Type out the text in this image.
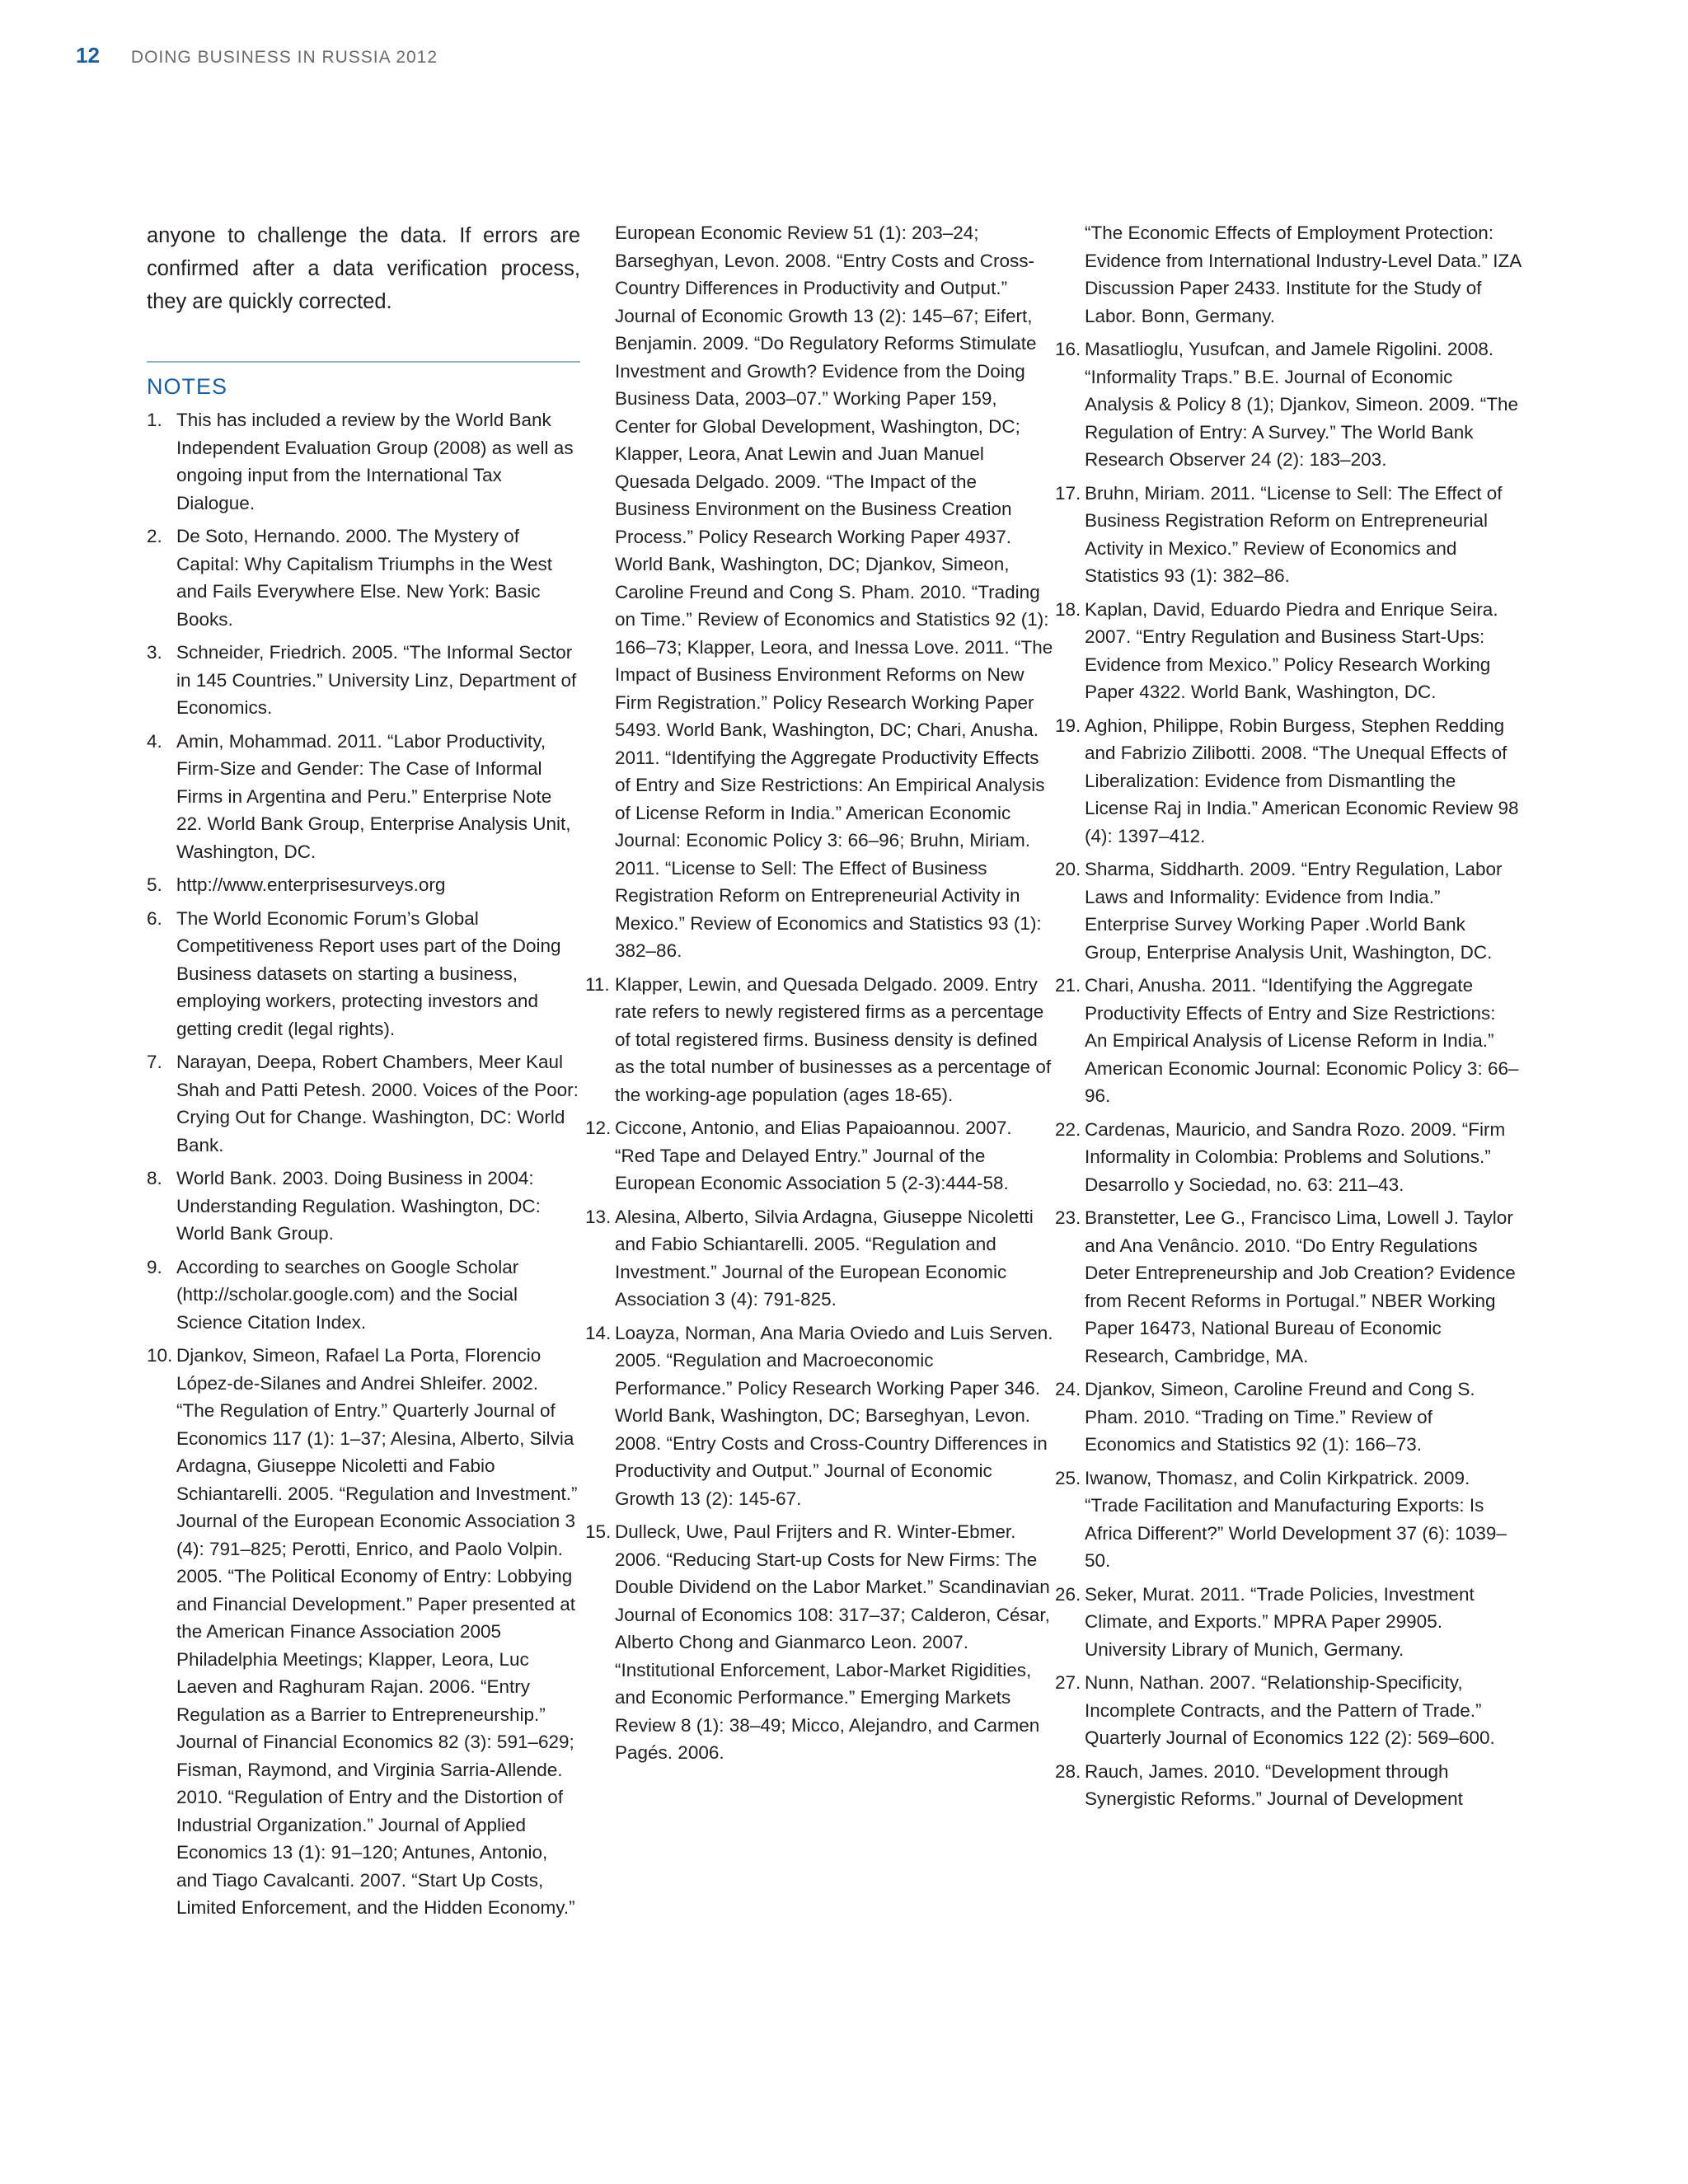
12 DOING BUSINESS IN RUSSIA 2012

anyone to challenge the data. If errors are confirmed after a data verification process, they are quickly corrected.

NOTES
1. This has included a review by the World Bank Independent Evaluation Group (2008) as well as ongoing input from the International Tax Dialogue.
2. De Soto, Hernando. 2000. The Mystery of Capital: Why Capitalism Triumphs in the West and Fails Everywhere Else. New York: Basic Books.
3. Schneider, Friedrich. 2005. “The Informal Sector in 145 Countries.” University Linz, Department of Economics.
4. Amin, Mohammad. 2011. “Labor Productivity, Firm-Size and Gender: The Case of Informal Firms in Argentina and Peru.” Enterprise Note 22. World Bank Group, Enterprise Analysis Unit, Washington, DC.
5. http://www.enterprisesurveys.org
6. The World Economic Forum’s Global Competitiveness Report uses part of the Doing Business datasets on starting a business, employing workers, protecting investors and getting credit (legal rights).
7. Narayan, Deepa, Robert Chambers, Meer Kaul Shah and Patti Petesh. 2000. Voices of the Poor: Crying Out for Change. Washington, DC: World Bank.
8. World Bank. 2003. Doing Business in 2004: Understanding Regulation. Washington, DC: World Bank Group.
9. According to searches on Google Scholar (http://scholar.google.com) and the Social Science Citation Index.
10. Djankov, Simeon, Rafael La Porta, Florencio López-de-Silanes and Andrei Shleifer. 2002. “The Regulation of Entry.” Quarterly Journal of Economics 117 (1): 1–37; Alesina, Alberto, Silvia Ardagna, Giuseppe Nicoletti and Fabio Schiantarelli. 2005. “Regulation and Investment.” Journal of the European Economic Association 3 (4): 791–825; Perotti, Enrico, and Paolo Volpin. 2005. “The Political Economy of Entry: Lobbying and Financial Development.” Paper presented at the American Finance Association 2005 Philadelphia Meetings; Klapper, Leora, Luc Laeven and Raghuram Rajan. 2006. “Entry Regulation as a Barrier to Entrepreneurship.” Journal of Financial Economics 82 (3): 591–629; Fisman, Raymond, and Virginia Sarria-Allende. 2010. “Regulation of Entry and the Distortion of Industrial Organization.” Journal of Applied Economics 13 (1): 91–120; Antunes, Antonio, and Tiago Cavalcanti. 2007. “Start Up Costs, Limited Enforcement, and the Hidden Economy.”
European Economic Review 51 (1): 203–24; Barseghyan, Levon. 2008. “Entry Costs and Cross-Country Differences in Productivity and Output.” Journal of Economic Growth 13 (2): 145–67; Eifert, Benjamin. 2009. “Do Regulatory Reforms Stimulate Investment and Growth? Evidence from the Doing Business Data, 2003–07.” Working Paper 159, Center for Global Development, Washington, DC; Klapper, Leora, Anat Lewin and Juan Manuel Quesada Delgado. 2009. “The Impact of the Business Environment on the Business Creation Process.” Policy Research Working Paper 4937. World Bank, Washington, DC; Djankov, Simeon, Caroline Freund and Cong S. Pham. 2010. “Trading on Time.” Review of Economics and Statistics 92 (1): 166–73; Klapper, Leora, and Inessa Love. 2011. “The Impact of Business Environment Reforms on New Firm Registration.” Policy Research Working Paper 5493. World Bank, Washington, DC; Chari, Anusha. 2011. “Identifying the Aggregate Productivity Effects of Entry and Size Restrictions: An Empirical Analysis of License Reform in India.” American Economic Journal: Economic Policy 3: 66–96; Bruhn, Miriam. 2011. “License to Sell: The Effect of Business Registration Reform on Entrepreneurial Activity in Mexico.” Review of Economics and Statistics 93 (1): 382–86.
11. Klapper, Lewin, and Quesada Delgado. 2009. Entry rate refers to newly registered firms as a percentage of total registered firms. Business density is defined as the total number of businesses as a percentage of the working-age population (ages 18-65).
12. Ciccone, Antonio, and Elias Papaioannou. 2007. “Red Tape and Delayed Entry.” Journal of the European Economic Association 5 (2-3):444-58.
13. Alesina, Alberto, Silvia Ardagna, Giuseppe Nicoletti and Fabio Schiantarelli. 2005. “Regulation and Investment.” Journal of the European Economic Association 3 (4): 791-825.
14. Loayza, Norman, Ana Maria Oviedo and Luis Serven. 2005. “Regulation and Macroeconomic Performance.” Policy Research Working Paper 346. World Bank, Washington, DC; Barseghyan, Levon. 2008. “Entry Costs and Cross-Country Differences in Productivity and Output.” Journal of Economic Growth 13 (2): 145-67.
15. Dulleck, Uwe, Paul Frijters and R. Winter-Ebmer. 2006. “Reducing Start-up Costs for New Firms: The Double Dividend on the Labor Market.” Scandinavian Journal of Economics 108: 317–37; Calderon, César, Alberto Chong and Gianmarco Leon. 2007. “Institutional Enforcement, Labor-Market Rigidities, and Economic Performance.” Emerging Markets Review 8 (1): 38–49; Micco, Alejandro, and Carmen Pagés. 2006.
“The Economic Effects of Employment Protection: Evidence from International Industry-Level Data.” IZA Discussion Paper 2433. Institute for the Study of Labor. Bonn, Germany.
16. Masatlioglu, Yusufcan, and Jamele Rigolini. 2008. “Informality Traps.” B.E. Journal of Economic Analysis & Policy 8 (1); Djankov, Simeon. 2009. “The Regulation of Entry: A Survey.” The World Bank Research Observer 24 (2): 183–203.
17. Bruhn, Miriam. 2011. “License to Sell: The Effect of Business Registration Reform on Entrepreneurial Activity in Mexico.” Review of Economics and Statistics 93 (1): 382–86.
18. Kaplan, David, Eduardo Piedra and Enrique Seira. 2007. “Entry Regulation and Business Start-Ups: Evidence from Mexico.” Policy Research Working Paper 4322. World Bank, Washington, DC.
19. Aghion, Philippe, Robin Burgess, Stephen Redding and Fabrizio Zilibotti. 2008. “The Unequal Effects of Liberalization: Evidence from Dismantling the License Raj in India.” American Economic Review 98 (4): 1397–412.
20. Sharma, Siddharth. 2009. “Entry Regulation, Labor Laws and Informality: Evidence from India.” Enterprise Survey Working Paper .World Bank Group, Enterprise Analysis Unit, Washington, DC.
21. Chari, Anusha. 2011. “Identifying the Aggregate Productivity Effects of Entry and Size Restrictions: An Empirical Analysis of License Reform in India.” American Economic Journal: Economic Policy 3: 66–96.
22. Cardenas, Mauricio, and Sandra Rozo. 2009. “Firm Informality in Colombia: Problems and Solutions.” Desarrollo y Sociedad, no. 63: 211–43.
23. Branstetter, Lee G., Francisco Lima, Lowell J. Taylor and Ana Venâncio. 2010. “Do Entry Regulations Deter Entrepreneurship and Job Creation? Evidence from Recent Reforms in Portugal.” NBER Working Paper 16473, National Bureau of Economic Research, Cambridge, MA.
24. Djankov, Simeon, Caroline Freund and Cong S. Pham. 2010. “Trading on Time.” Review of Economics and Statistics 92 (1): 166–73.
25. Iwanow, Thomasz, and Colin Kirkpatrick. 2009. “Trade Facilitation and Manufacturing Exports: Is Africa Different?” World Development 37 (6): 1039–50.
26. Seker, Murat. 2011. “Trade Policies, Investment Climate, and Exports.” MPRA Paper 29905. University Library of Munich, Germany.
27. Nunn, Nathan. 2007. “Relationship-Specificity, Incomplete Contracts, and the Pattern of Trade.” Quarterly Journal of Economics 122 (2): 569–600.
28. Rauch, James. 2010. “Development through Synergistic Reforms.” Journal of Development
